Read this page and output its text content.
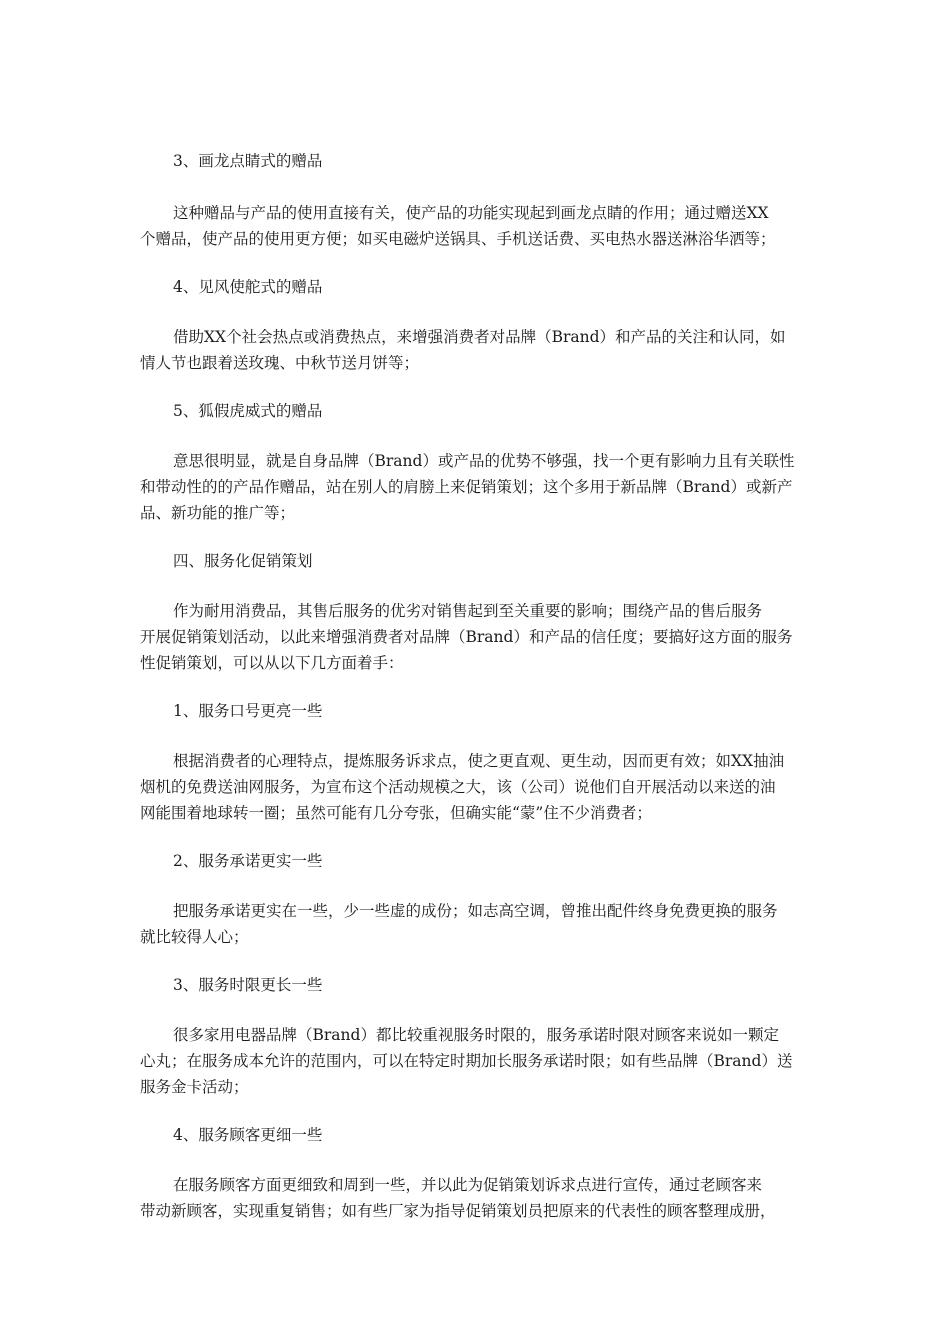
3、画龙点睛式的赠品
这种赠品与产品的使用直接有关，使产品的功能实现起到画龙点睛的作用；通过赠送XX
个赠品，使产品的使用更方便；如买电磁炉送锅具、手机送话费、买电热水器送淋浴华洒等；
4、见风使舵式的赠品
借助XX个社会热点或消费热点，来增强消费者对品牌（Brand）和产品的关注和认同，如
情人节也跟着送玫瑰、中秋节送月饼等；
5、狐假虎威式的赠品
意思很明显，就是自身品牌（Brand）或产品的优势不够强，找一个更有影响力且有关联性
和带动性的的产品作赠品，站在别人的肩膀上来促销策划；这个多用于新品牌（Brand）或新产
品、新功能的推广等；
四、服务化促销策划
作为耐用消费品，其售后服务的优劣对销售起到至关重要的影响；围绕产品的售后服务
开展促销策划活动，以此来增强消费者对品牌（Brand）和产品的信任度；要搞好这方面的服务
性促销策划，可以从以下几方面着手：
1、服务口号更亮一些
根据消费者的心理特点，提炼服务诉求点，使之更直观、更生动，因而更有效；如XX抽油
烟机的免费送油网服务，为宣布这个活动规模之大，该（公司）说他们自开展活动以来送的油
网能围着地球转一圈；虽然可能有几分夸张，但确实能“蒙”住不少消费者；
2、服务承诺更实一些
把服务承诺更实在一些，少一些虚的成份；如志高空调，曾推出配件终身免费更换的服务
就比较得人心；
3、服务时限更长一些
很多家用电器品牌（Brand）都比较重视服务时限的，服务承诺时限对顾客来说如一颗定
心丸；在服务成本允许的范围内，可以在特定时期加长服务承诺时限；如有些品牌（Brand）送
服务金卡活动；
4、服务顾客更细一些
在服务顾客方面更细致和周到一些，并以此为促销策划诉求点进行宣传，通过老顾客来
带动新顾客，实现重复销售；如有些厂家为指导促销策划员把原来的代表性的顾客整理成册，
